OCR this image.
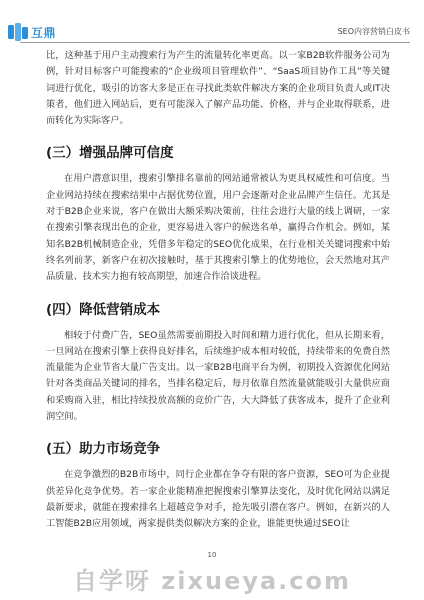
互鼎	SEO内容营销白皮书

比，这种基于用户主动搜索行为产生的流量转化率更高。以一家B2B软件服务公司为例，针对目标客户可能搜索的“企业级项目管理软件”、“SaaS项目协作工具”等关键词进行优化，吸引的访客大多是正在寻找此类软件解决方案的企业项目负责人或IT决策者，他们进入网站后，更有可能深入了解产品功能、价格，并与企业取得联系，进而转化为实际客户。

(三）增强品牌可信度

在用户潜意识里，搜索引擎排名靠前的网站通常被认为更具权威性和可信度。当企业网站持续在搜索结果中占据优势位置，用户会逐渐对企业品牌产生信任。尤其是对于B2B企业来说，客户在做出大额采购决策前，往往会进行大量的线上调研，一家在搜索引擎表现出色的企业，更容易进入客户的候选名单，赢得合作机会。例如，某知名B2B机械制造企业，凭借多年稳定的SEO优化成果，在行业相关关键词搜索中始终名列前茅，新客户在初次接触时，基于其搜索引擎上的优势地位，会天然地对其产品质量、技术实力抱有较高期望，加速合作洽谈进程。

(四）降低营销成本

相较于付费广告，SEO虽然需要前期投入时间和精力进行优化，但从长期来看，一旦网站在搜索引擎上获得良好排名，后续维护成本相对较低，持续带来的免费自然流量能为企业节省大量广告支出。以一家B2B电商平台为例，初期投入资源优化网站针对各类商品关键词的排名，当排名稳定后，每月依靠自然流量就能吸引大量供应商和采购商入驻，相比持续投放高额的竞价广告，大大降低了获客成本，提升了企业利润空间。

(五）助力市场竞争

在竞争激烈的B2B市场中，同行企业都在争夺有限的客户资源，SEO可为企业提供差异化竞争优势。若一家企业能精准把握搜索引擎算法变化，及时优化网站以满足最新要求，就能在搜索排名上超越竞争对手，抢先吸引潜在客户。例如，在新兴的人工智能B2B应用领域，两家提供类似解决方案的企业，谁能更快通过SEO让

10
自学呀 zixueya.com
